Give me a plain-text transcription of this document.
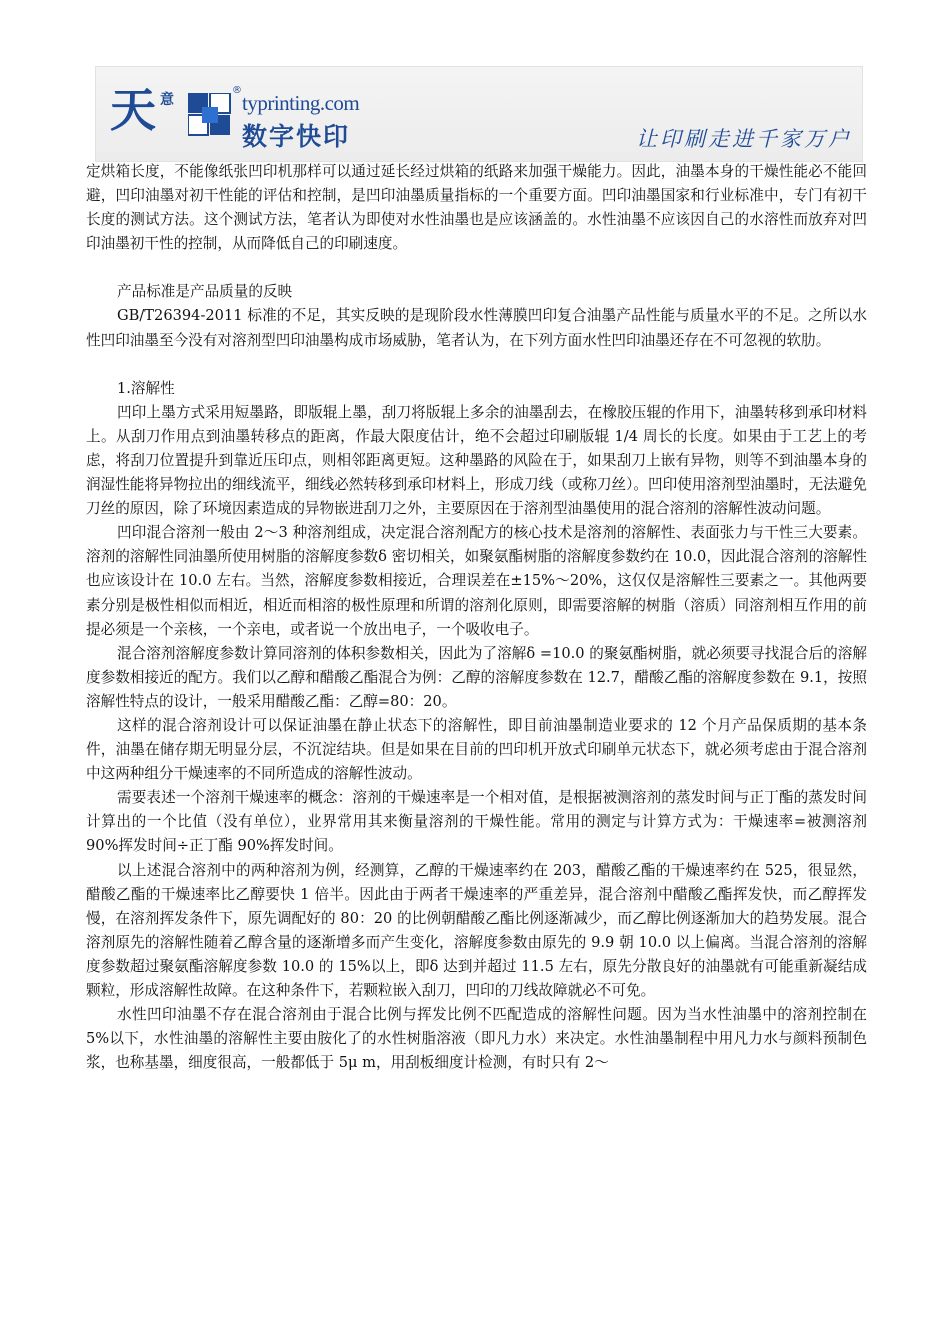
天 意
®
typrinting.com
数字快印	让印刷走进千家万户

定烘箱长度，不能像纸张凹印机那样可以通过延长经过烘箱的纸路来加强干燥能力。因此，油墨本身的干燥性能必不能回避，凹印油墨对初干性能的评估和控制，是凹印油墨质量指标的一个重要方面。凹印油墨国家和行业标准中，专门有初干长度的测试方法。这个测试方法，笔者认为即使对水性油墨也是应该涵盖的。水性油墨不应该因自己的水溶性而放弃对凹印油墨初干性的控制，从而降低自己的印刷速度。

产品标准是产品质量的反映

GB/T26394-2011 标准的不足，其实反映的是现阶段水性薄膜凹印复合油墨产品性能与质量水平的不足。之所以水性凹印油墨至今没有对溶剂型凹印油墨构成市场威胁，笔者认为，在下列方面水性凹印油墨还存在不可忽视的软肋。

1.溶解性

凹印上墨方式采用短墨路，即版辊上墨，刮刀将版辊上多余的油墨刮去，在橡胶压辊的作用下，油墨转移到承印材料上。从刮刀作用点到油墨转移点的距离，作最大限度估计，绝不会超过印刷版辊 1/4 周长的长度。如果由于工艺上的考虑，将刮刀位置提升到靠近压印点，则相邻距离更短。这种墨路的风险在于，如果刮刀上嵌有异物，则等不到油墨本身的润湿性能将异物拉出的细线流平，细线必然转移到承印材料上，形成刀线（或称刀丝）。凹印使用溶剂型油墨时，无法避免刀丝的原因，除了环境因素造成的异物嵌进刮刀之外，主要原因在于溶剂型油墨使用的混合溶剂的溶解性波动问题。

凹印混合溶剂一般由 2～3 种溶剂组成，决定混合溶剂配方的核心技术是溶剂的溶解性、表面张力与干性三大要素。溶剂的溶解性同油墨所使用树脂的溶解度参数δ 密切相关，如聚氨酯树脂的溶解度参数约在 10.0，因此混合溶剂的溶解性也应该设计在 10.0 左右。当然，溶解度参数相接近，合理误差在±15%～20%，这仅仅是溶解性三要素之一。其他两要素分别是极性相似而相近，相近而相溶的极性原理和所谓的溶剂化原则，即需要溶解的树脂（溶质）同溶剂相互作用的前提必须是一个亲核，一个亲电，或者说一个放出电子，一个吸收电子。

混合溶剂溶解度参数计算同溶剂的体积参数相关，因此为了溶解δ =10.0 的聚氨酯树脂，就必须要寻找混合后的溶解度参数相接近的配方。我们以乙醇和醋酸乙酯混合为例：乙醇的溶解度参数在 12.7，醋酸乙酯的溶解度参数在 9.1，按照溶解性特点的设计，一般采用醋酸乙酯：乙醇=80：20。

这样的混合溶剂设计可以保证油墨在静止状态下的溶解性，即目前油墨制造业要求的 12 个月产品保质期的基本条件，油墨在储存期无明显分层，不沉淀结块。但是如果在目前的凹印机开放式印刷单元状态下，就必须考虑由于混合溶剂中这两种组分干燥速率的不同所造成的溶解性波动。

需要表述一个溶剂干燥速率的概念：溶剂的干燥速率是一个相对值，是根据被测溶剂的蒸发时间与正丁酯的蒸发时间计算出的一个比值（没有单位），业界常用其来衡量溶剂的干燥性能。常用的测定与计算方式为：干燥速率=被测溶剂 90%挥发时间÷正丁酯 90%挥发时间。

以上述混合溶剂中的两种溶剂为例，经测算，乙醇的干燥速率约在 203，醋酸乙酯的干燥速率约在 525，很显然，醋酸乙酯的干燥速率比乙醇要快 1 倍半。因此由于两者干燥速率的严重差异，混合溶剂中醋酸乙酯挥发快，而乙醇挥发慢，在溶剂挥发条件下，原先调配好的 80：20 的比例朝醋酸乙酯比例逐渐减少，而乙醇比例逐渐加大的趋势发展。混合溶剂原先的溶解性随着乙醇含量的逐渐增多而产生变化，溶解度参数由原先的 9.9 朝 10.0 以上偏离。当混合溶剂的溶解度参数超过聚氨酯溶解度参数 10.0 的 15%以上，即δ 达到并超过 11.5 左右，原先分散良好的油墨就有可能重新凝结成颗粒，形成溶解性故障。在这种条件下，若颗粒嵌入刮刀，凹印的刀线故障就必不可免。

水性凹印油墨不存在混合溶剂由于混合比例与挥发比例不匹配造成的溶解性问题。因为当水性油墨中的溶剂控制在 5%以下，水性油墨的溶解性主要由胺化了的水性树脂溶液（即凡力水）来决定。水性油墨制程中用凡力水与颜料预制色浆，也称基墨，细度很高，一般都低于 5μ m，用刮板细度计检测，有时只有 2～
